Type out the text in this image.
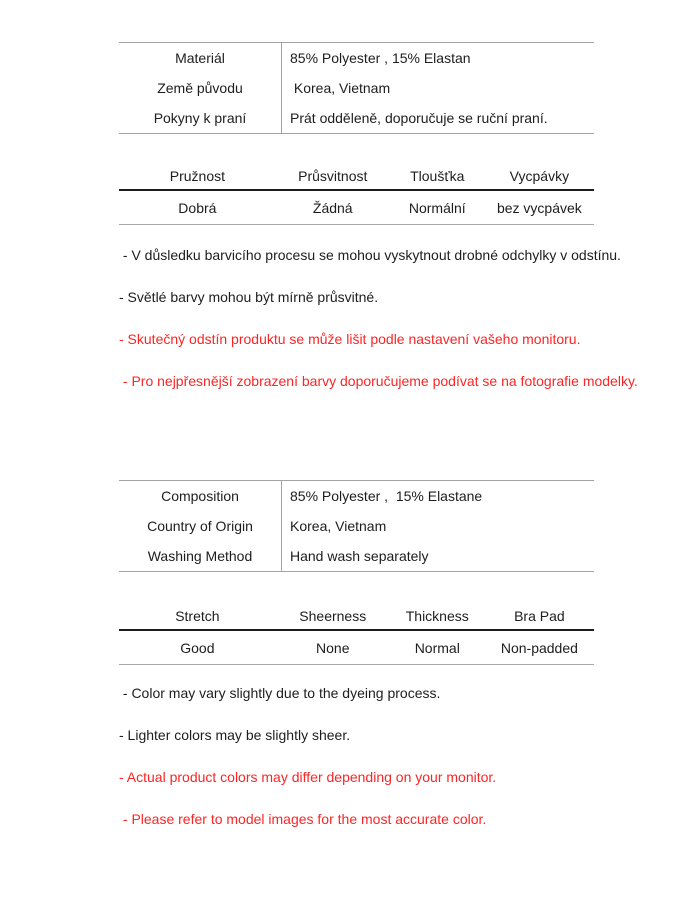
Materiál	85% Polyester , 15% Elastan
Země původu	Korea, Vietnam
Pokyny k praní	Prát odděleně, doporučuje se ruční praní.
Pružnost	Průsvitnost	Tloušťka	Vycpávky
Dobrá	Žádná	Normální	bez vycpávek
- V důsledku barvicího procesu se mohou vyskytnout drobné odchylky v odstínu.
- Světlé barvy mohou být mírně průsvitné.
- Skutečný odstín produktu se může lišit podle nastavení vašeho monitoru.
- Pro nejpřesnější zobrazení barvy doporučujeme podívat se na fotografie modelky.
Composition	85% Polyester ,  15% Elastane
Country of Origin	Korea, Vietnam
Washing Method	Hand wash separately
Stretch	Sheerness	Thickness	Bra Pad
Good	None	Normal	Non-padded
- Color may vary slightly due to the dyeing process.
- Lighter colors may be slightly sheer.
- Actual product colors may differ depending on your monitor.
- Please refer to model images for the most accurate color.
